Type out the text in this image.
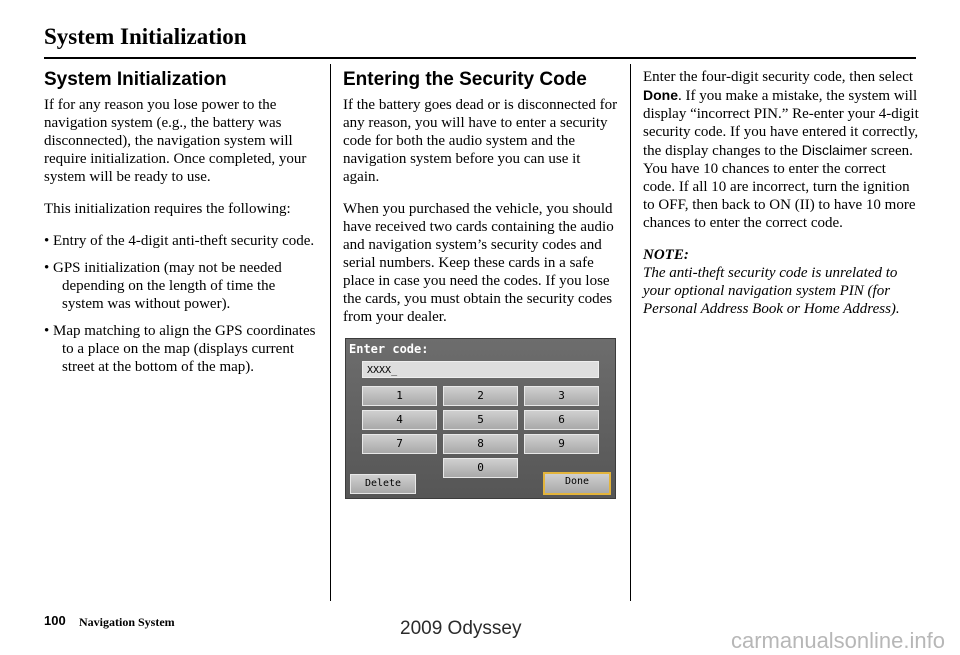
System Initialization
System Initialization

If for any reason you lose power to the navigation system (e.g., the battery was disconnected), the navigation system will require initialization. Once completed, your system will be ready to use.

This initialization requires the following:

• Entry of the 4-digit anti-theft security code.
• GPS initialization (may not be needed depending on the length of time the system was without power).
• Map matching to align the GPS coordinates to a place on the map (displays current street at the bottom of the map).
Entering the Security Code

If the battery goes dead or is disconnected for any reason, you will have to enter a security code for both the audio system and the navigation system before you can use it again.

When you purchased the vehicle, you should have received two cards containing the audio and navigation system’s security codes and serial numbers. Keep these cards in a safe place in case you need the codes. If you lose the cards, you must obtain the security codes from your dealer.

Enter code:
XXXX_
1	2	3
4	5	6
7	8	9
0
Delete	Done

Enter the four-digit security code, then select Done. If you make a mistake, the system will display “incorrect PIN.” Re-enter your 4-digit security code. If you have entered it correctly, the display changes to the Disclaimer screen. You have 10 chances to enter the correct code. If all 10 are incorrect, turn the ignition to OFF, then back to ON (II) to have 10 more chances to enter the correct code.

NOTE:

The anti-theft security code is unrelated to your optional navigation system PIN (for Personal Address Book or Home Address).

100 Navigation System	2009 Odyssey	carmanualsonline.info
